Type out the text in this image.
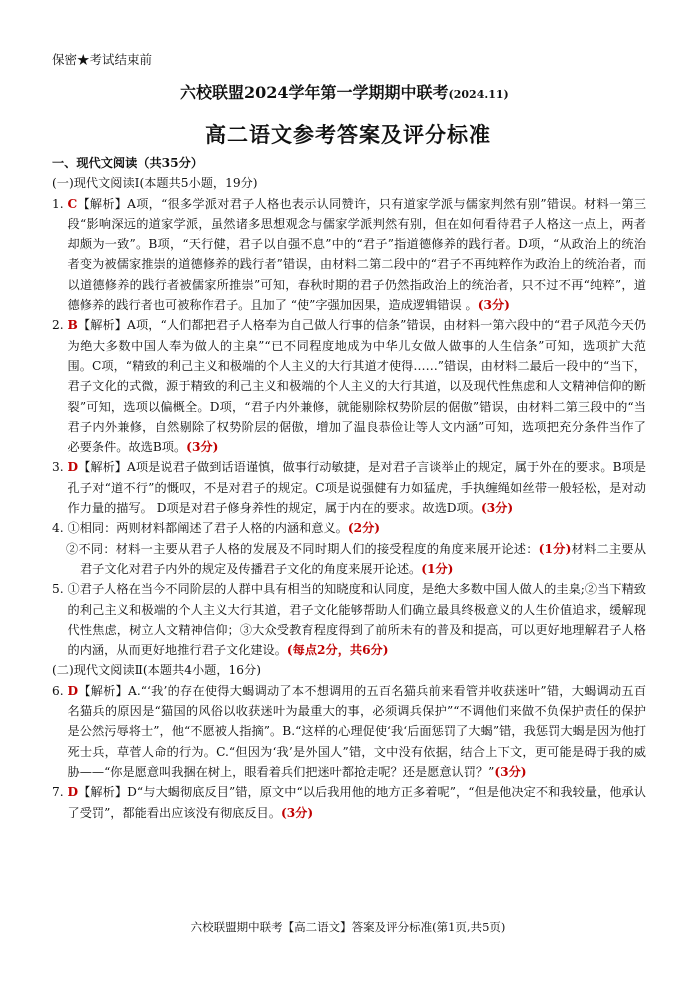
保密★考试结束前
六校联盟2024学年第一学期期中联考(2024.11)
高二语文参考答案及评分标准
一、现代文阅读（共35分）
(一)现代文阅读Ⅰ(本题共5小题，19分)
1. C【解析】A项，“很多学派对君子人格也表示认同赞许，只有道家学派与儒家判然有别”错误。材料一第三段“影响深远的道家学派，虽然诸多思想观念与儒家学派判然有别，但在如何看待君子人格这一点上，两者却颇为一致”。B项，“天行健，君子以自强不息”中的“君子”指道德修养的践行者。D项，“从政治上的统治者变为被儒家推崇的道德修养的践行者”错误，由材料二第二段中的“君子不再纯粹作为政治上的统治者，而以道德修养的践行者被儒家所推崇”可知，春秋时期的君子仍然指政治上的统治者，只不过不再“纯粹”，道德修养的践行者也可被称作君子。且加了 “使”字强加因果，造成逻辑错误 。(3分)
2. B【解析】A项，“人们都把君子人格奉为自己做人行事的信条”错误，由材料一第六段中的“君子风范今天仍为绝大多数中国人奉为做人的主臬”“已不同程度地成为中华儿女做人做事的人生信条”可知，选项扩大范围。C项，“精致的利己主义和极端的个人主义的大行其道才使得……”错误，由材料二最后一段中的“当下，君子文化的式微，源于精致的利己主义和极端的个人主义的大行其道，以及现代性焦虑和人文精神信仰的断裂”可知，选项以偏概全。D项，“君子内外兼修，就能剔除权势阶层的倨傲”错误，由材料二第三段中的“当君子内外兼修，自然剔除了权势阶层的倨傲，增加了温良恭俭让等人文内涵”可知，选项把充分条件当作了必要条件。故选B项。(3分)
3. D【解析】A项是说君子做到话语谨慎，做事行动敏捷，是对君子言谈举止的规定，属于外在的要求。B项是孔子对“道不行”的慨叹，不是对君子的规定。C项是说强健有力如猛虎，手执缠绳如丝带一般轻松，是对动作力量的描写。 D项是对君子修身养性的规定，属于内在的要求。故选D项。(3分)
4. ①相同：两则材料都阐述了君子人格的内涵和意义。(2分)
②不同：材料一主要从君子人格的发展及不同时期人们的接受程度的角度来展开论述：(1分)材料二主要从君子文化对君子内外的规定及传播君子文化的角度来展开论述。(1分)
5. ①君子人格在当今不同阶层的人群中具有相当的知晓度和认同度，是绝大多数中国人做人的圭臬;②当下精致的利己主义和极端的个人主义大行其道，君子文化能够帮助人们确立最具终极意义的人生价值追求，缓解现代性焦虑，树立人文精神信仰；③大众受教育程度得到了前所未有的普及和提高，可以更好地理解君子人格的内涵，从而更好地推行君子文化建设。(每点2分，共6分)
(二)现代文阅读Ⅱ(本题共4小题，16分)
6. D【解析】A.“‘我’的存在使得大蝎调动了本不想调用的五百名猫兵前来看管并收获迷叶”错，大蝎调动五百名猫兵的原因是“猫国的风俗以收获迷叶为最重大的事，必须调兵保护”“不调他们来做不负保护责任的保护是公然污辱将士”，他“不愿被人指摘”。B.“这样的心理促使‘我‘后面惩罚了大蝎”错，我惩罚大蝎是因为他打死士兵，草菅人命的行为。C.“但因为‘我’是外国人”错，文中没有依据，结合上下文，更可能是碍于我的威胁——“你是愿意叫我捆在树上，眼看着兵们把迷叶都抢走呢？还是愿意认罚？”(3分)
7. D【解析】D“与大蝎彻底反目”错，原文中“以后我用他的地方正多着呢”，“但是他决定不和我较量，他承认了受罚”，都能看出应该没有彻底反目。(3分)
六校联盟期中联考【高二语文】答案及评分标准(第1页,共5页)
